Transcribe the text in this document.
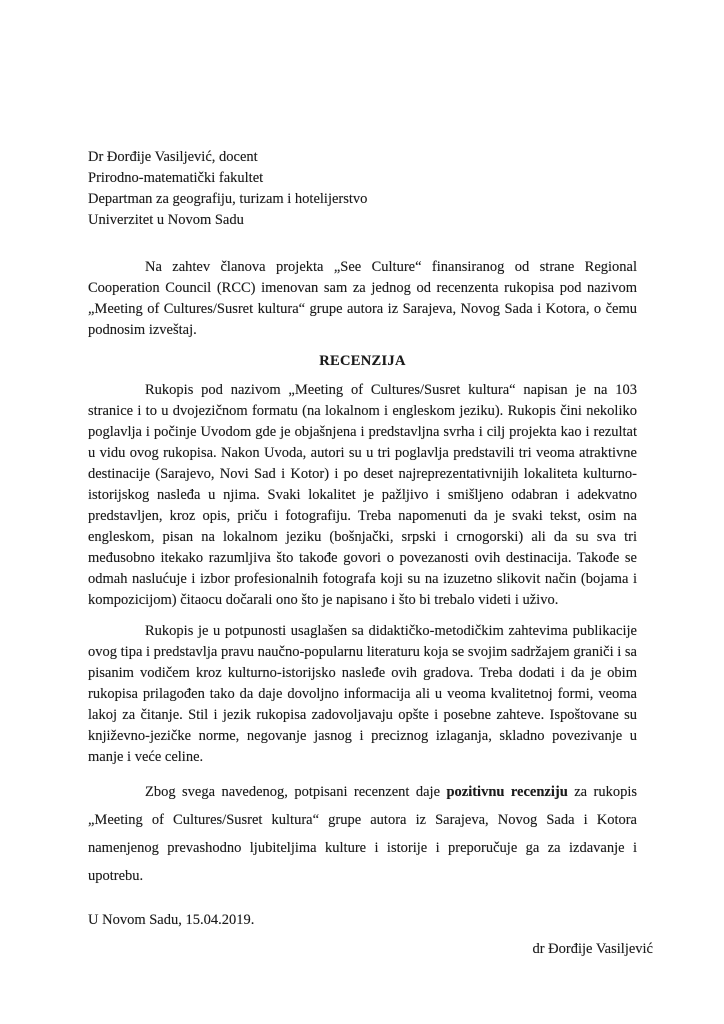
Dr Đorđije Vasiljević, docent
Prirodno-matematički fakultet
Departman za geografiju, turizam i hotelijerstvo
Univerzitet u Novom Sadu

Na zahtev članova projekta „See Culture“ finansiranog od strane Regional Cooperation Council (RCC) imenovan sam za jednog od recenzenta rukopisa pod nazivom „Meeting of Cultures/Susret kultura“ grupe autora iz Sarajeva, Novog Sada i Kotora, o čemu podnosim izveštaj.

RECENZIJA

Rukopis pod nazivom „Meeting of Cultures/Susret kultura“ napisan je na 103 stranice i to u dvojezičnom formatu (na lokalnom i engleskom jeziku). Rukopis čini nekoliko poglavlja i počinje Uvodom gde je objašnjena i predstavljna svrha i cilj projekta kao i rezultat u vidu ovog rukopisa. Nakon Uvoda, autori su u tri poglavlja predstavili tri veoma atraktivne destinacije (Sarajevo, Novi Sad i Kotor) i po deset najreprezentativnijih lokaliteta kulturno-istorijskog nasleđa u njima. Svaki lokalitet je pažljivo i smišljeno odabran i adekvatno predstavljen, kroz opis, priču i fotografiju. Treba napomenuti da je svaki tekst, osim na engleskom, pisan na lokalnom jeziku (bošnjački, srpski i crnogorski) ali da su sva tri međusobno itekako razumljiva što takođe govori o povezanosti ovih destinacija. Takođe se odmah naslućuje i izbor profesionalnih fotografa koji su na izuzetno slikovit način (bojama i kompozicijom) čitaocu dočarali ono što je napisano i što bi trebalo videti i uživo.

Rukopis je u potpunosti usaglašen sa didaktičko-metodičkim zahtevima publikacije ovog tipa i predstavlja pravu naučno-popularnu literaturu koja se svojim sadržajem graniči i sa pisanim vodičem kroz kulturno-istorijsko nasleđe ovih gradova. Treba dodati i da je obim rukopisa prilagođen tako da daje dovoljno informacija ali u veoma kvalitetnoj formi, veoma lakoj za čitanje. Stil i jezik rukopisa zadovoljavaju opšte i posebne zahteve. Ispoštovane su književno-jezičke norme, negovanje jasnog i preciznog izlaganja, skladno povezivanje u manje i veće celine.

Zbog svega navedenog, potpisani recenzent daje pozitivnu recenziju za rukopis „Meeting of Cultures/Susret kultura“ grupe autora iz Sarajeva, Novog Sada i Kotora namenjenog prevashodno ljubiteljima kulture i istorije i preporučuje ga za izdavanje i upotrebu.

U Novom Sadu, 15.04.2019.
dr Đorđije Vasiljević
